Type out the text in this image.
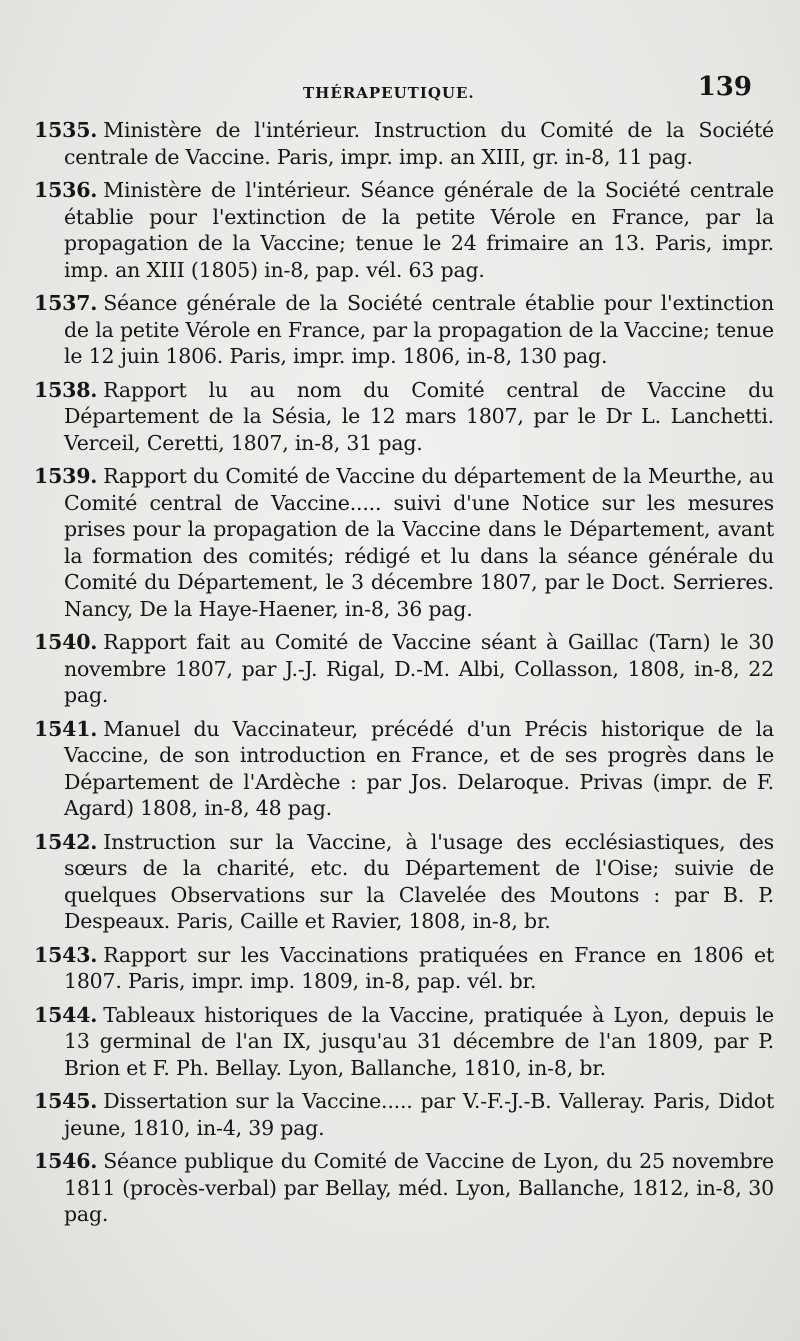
THÉRAPEUTIQUE.	139

1535. Ministère de l'intérieur. Instruction du Comité de la Société centrale de Vaccine. Paris, impr. imp. an XIII, gr. in-8, 11 pag.

1536. Ministère de l'intérieur. Séance générale de la Société centrale établie pour l'extinction de la petite Vérole en France, par la propagation de la Vaccine; tenue le 24 frimaire an 13. Paris, impr. imp. an XIII (1805) in-8, pap. vél. 63 pag.

1537. Séance générale de la Société centrale établie pour l'extinction de la petite Vérole en France, par la propagation de la Vaccine; tenue le 12 juin 1806. Paris, impr. imp. 1806, in-8, 130 pag.

1538. Rapport lu au nom du Comité central de Vaccine du Département de la Sésia, le 12 mars 1807, par le Dr L. Lanchetti. Verceil, Ceretti, 1807, in-8, 31 pag.

1539. Rapport du Comité de Vaccine du département de la Meurthe, au Comité central de Vaccine..... suivi d'une Notice sur les mesures prises pour la propagation de la Vaccine dans le Département, avant la formation des comités; rédigé et lu dans la séance générale du Comité du Département, le 3 décembre 1807, par le Doct. Serrieres. Nancy, De la Haye-Haener, in-8, 36 pag.

1540. Rapport fait au Comité de Vaccine séant à Gaillac (Tarn) le 30 novembre 1807, par J.-J. Rigal, D.-M. Albi, Collasson, 1808, in-8, 22 pag.

1541. Manuel du Vaccinateur, précédé d'un Précis historique de la Vaccine, de son introduction en France, et de ses progrès dans le Département de l'Ardèche : par Jos. Delaroque. Privas (impr. de F. Agard) 1808, in-8, 48 pag.

1542. Instruction sur la Vaccine, à l'usage des ecclésiastiques, des sœurs de la charité, etc. du Département de l'Oise; suivie de quelques Observations sur la Clavelée des Moutons : par B. P. Despeaux. Paris, Caille et Ravier, 1808, in-8, br.

1543. Rapport sur les Vaccinations pratiquées en France en 1806 et 1807. Paris, impr. imp. 1809, in-8, pap. vél. br.

1544. Tableaux historiques de la Vaccine, pratiquée à Lyon, depuis le 13 germinal de l'an IX, jusqu'au 31 décembre de l'an 1809, par P. Brion et F. Ph. Bellay. Lyon, Ballanche, 1810, in-8, br.

1545. Dissertation sur la Vaccine..... par V.-F.-J.-B. Valleray. Paris, Didot jeune, 1810, in-4, 39 pag.

1546. Séance publique du Comité de Vaccine de Lyon, du 25 novembre 1811 (procès-verbal) par Bellay, méd. Lyon, Ballanche, 1812, in-8, 30 pag.
